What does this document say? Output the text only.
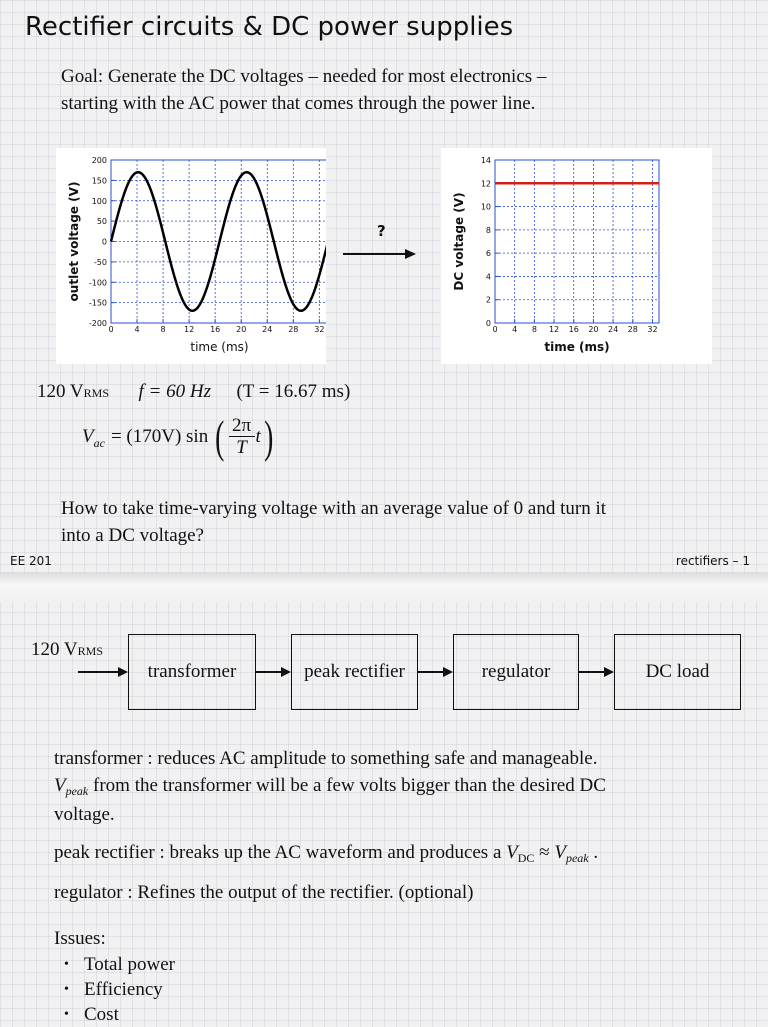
Rectifier circuits & DC power supplies
Goal: Generate the DC voltages – needed for most electronics –
starting with the AC power that comes through the power line.
0	4	8 12 16 20 24 28 32
200
150
100
50
0
-50
-100
-150
-200
time (ms)
outlet voltage (V)	?
0 4 8 12 16 20 24 28 32
14
12
10
8
6
4
2
0
time (ms)
DC voltage (V)
120 VRMS f = 60 Hz (T = 16.67 ms)
V ac = (170V) sin ( 2π
T t )
How to take time-varying voltage with an average value of 0 and turn it
into a DC voltage?
EE 201	rectifiers – 1
120 VRMS
transformer	peak rectifier	regulator	DC load
transformer : reduces AC amplitude to something safe and manageable.
$V_{peak}$ from the transformer will be a few volts bigger than the desired DC
voltage.
peak rectifier : breaks up the AC waveform and produces a $V_{DC} \approx V_{peak}$ .
regulator : Refines the output of the rectifier. (optional)
Issues:
• Total power
• Efficiency
• Cost
